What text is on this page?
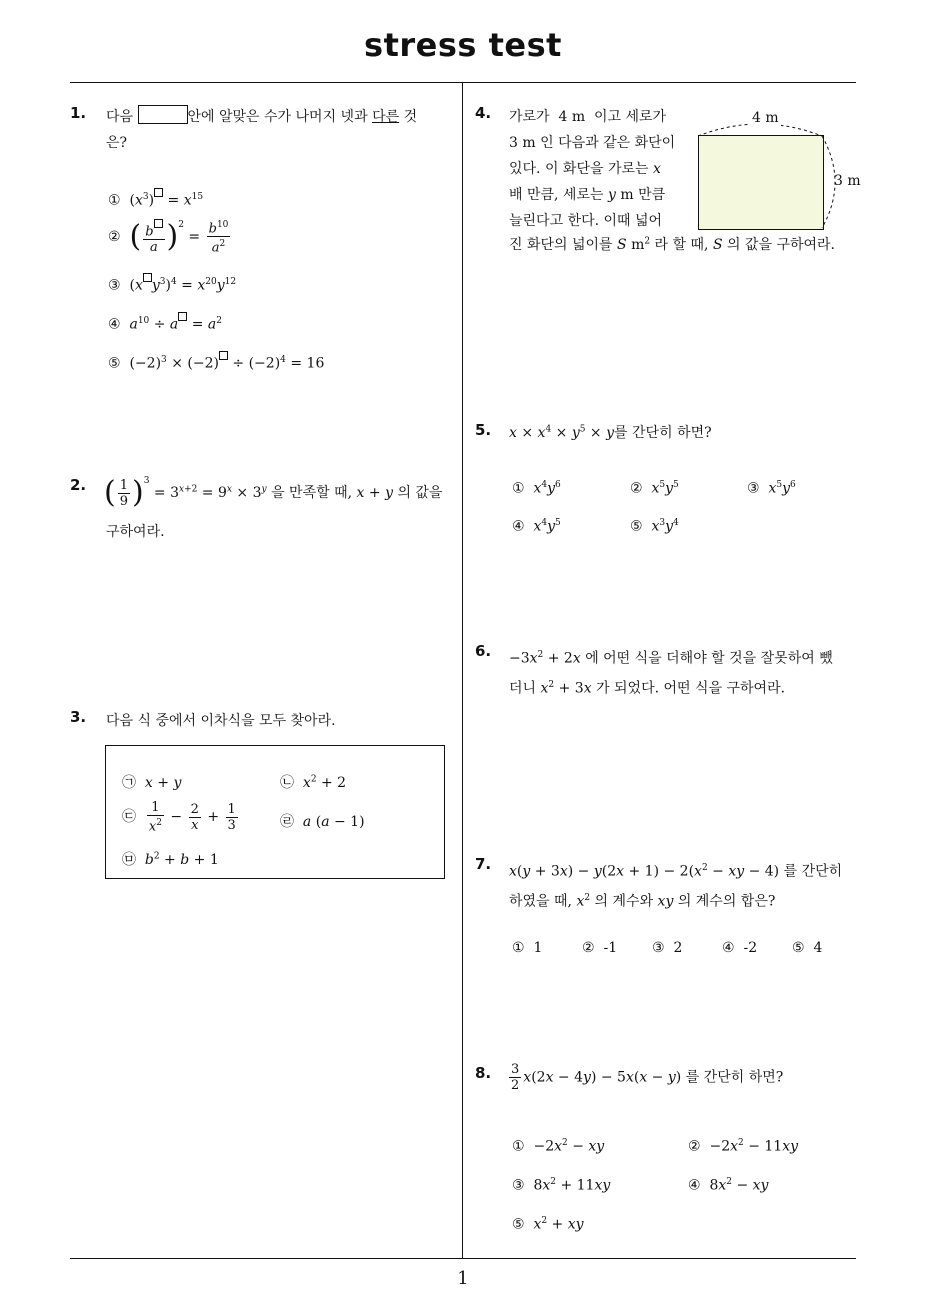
stress test
1
1. 다음	안에 알맞은 수가 나머지 넷과 다른 것
은?
①  $(x^3) = x^{15}$
② ( $\frac{b}{a} )^2 = \frac{b^{10}}{a^2}$
③  (x $y^3)^4 = x^{20}y^{12}$
④ $a^{10} \div a = a^2$
⑤  $(-2)^3 \times (-2) \div (-2)^4 = 16$
2. ( $\frac{1}{9} )^3 = 3^{x+2} = 9^x \times 3^y$ 을 만족할 때, x + y 의 값을
구하여라.
3. 다음 식 중에서 이차식을 모두 찾아라.
㉠ x + y	㉡ $x^2 + 2$
㉢ $\frac{1}{x^2} - \frac{2}{x} + \frac{1}{3}$	㉣ a (a − 1)
㉤ $b^2 + b + 1$
4. 가로가  4 m  이고 세로가
3 m 인 다음과 같은 화단이
있다. 이 화단을 가로는 x
배 만큼, 세로는 y m 만큼
늘린다고 한다. 이때 넓어
진 화단의 넓이를 S $m^2$ 라 할 때, S 의 값을 구하여라.
4 m
3 m
5. $x \times x^4 \times y^5 \times y$를 간단히 하면?
① $x^4y^6$	② $x^5y^5$	③ $x^5y^6$
④ $x^4y^5$	⑤ $x^3y^4$
6. $-3x^2 + 2x$ 에 어떤 식을 더해야 할 것을 잘못하여 뺐
더니 $x^2 + 3x$ 가 되었다. 어떤 식을 구하여라.
7. $x(y + 3x) - y(2x + 1) - 2(x^2$ − xy − 4) 를 간단히
하였을 때, $x^2$ 의 계수와 xy 의 계수의 합은?
① 1	② -1 ③ 2	④ -2 ⑤ 4
8. $\frac{3}{2} x(2x - 4y) - 5x(x - y)$ 를 간단히 하면?
①  $-2x^2$ − xy	②  $-2x^2 - 11xy$
③  $8x^2 + 11xy$	④  $8x^2$ − xy
⑤ $x^2$ + xy
